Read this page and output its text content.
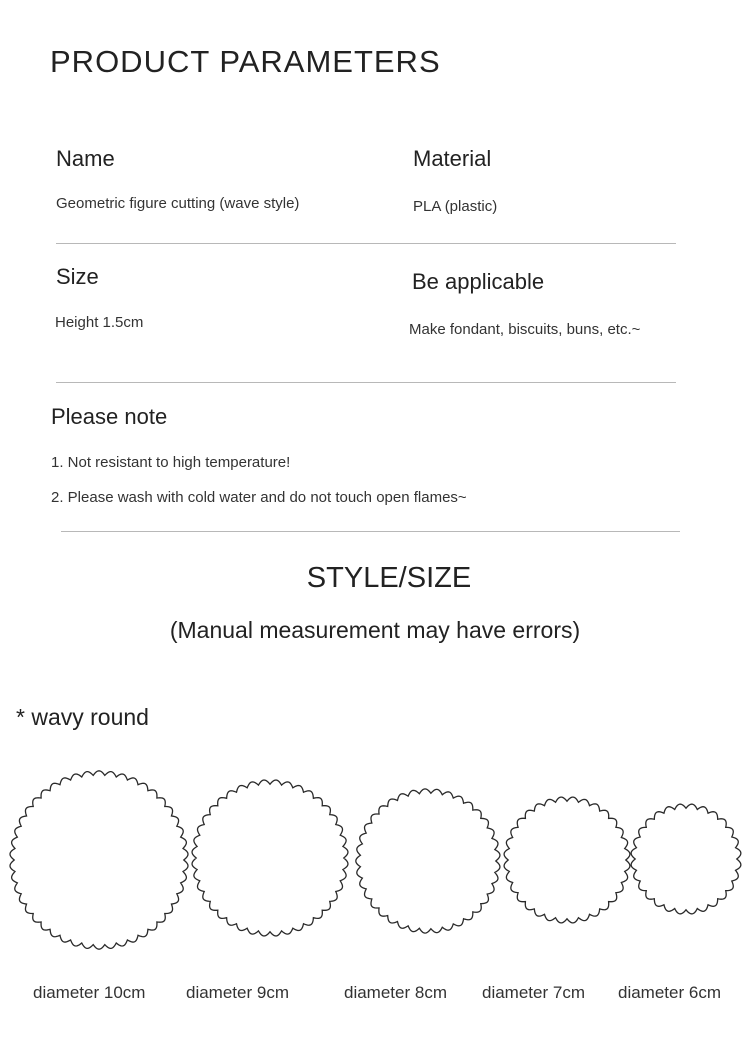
PRODUCT PARAMETERS
Name
Geometric figure cutting (wave style)
Material
PLA (plastic)
Size
Height 1.5cm
Be applicable
Make fondant, biscuits, buns, etc.~
Please note
1. Not resistant to high temperature!
2. Please wash with cold water and do not touch open flames~
STYLE/SIZE
(Manual measurement may have errors)
* wavy round
diameter 10cm diameter 9cm	diameter 8cm diameter 7cm diameter 6cm
